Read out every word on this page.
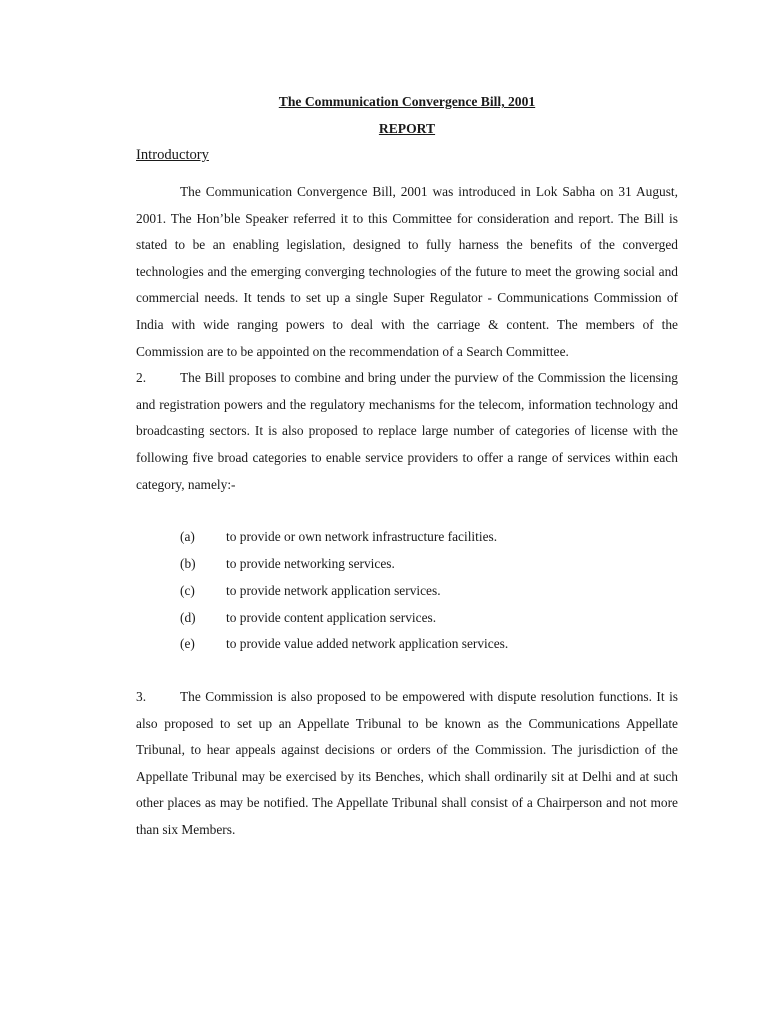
The Communication Convergence Bill, 2001

REPORT

Introductory

The Communication Convergence Bill, 2001 was introduced in Lok Sabha on 31 August, 2001. The Hon’ble Speaker referred it to this Committee for consideration and report. The Bill is stated to be an enabling legislation, designed to fully harness the benefits of the converged technologies and the emerging converging technologies of the future to meet the growing social and commercial needs. It tends to set up a single Super Regulator - Communications Commission of India with wide ranging powers to deal with the carriage & content. The members of the Commission are to be appointed on the recommendation of a Search Committee.

2.	The Bill proposes to combine and bring under the purview of the Commission the licensing and registration powers and the regulatory mechanisms for the telecom, information technology and broadcasting sectors. It is also proposed to replace large number of categories of license with the following five broad categories to enable service providers to offer a range of services within each category, namely:-

(a) to provide or own network infrastructure facilities.
(b) to provide networking services.
(c) to provide network application services.
(d) to provide content application services.
(e) to provide value added network application services.

3.	The Commission is also proposed to be empowered with dispute resolution functions. It is also proposed to set up an Appellate Tribunal to be known as the Communications Appellate Tribunal, to hear appeals against decisions or orders of the Commission. The jurisdiction of the Appellate Tribunal may be exercised by its Benches, which shall ordinarily sit at Delhi and at such other places as may be notified. The Appellate Tribunal shall consist of a Chairperson and not more than six Members.
